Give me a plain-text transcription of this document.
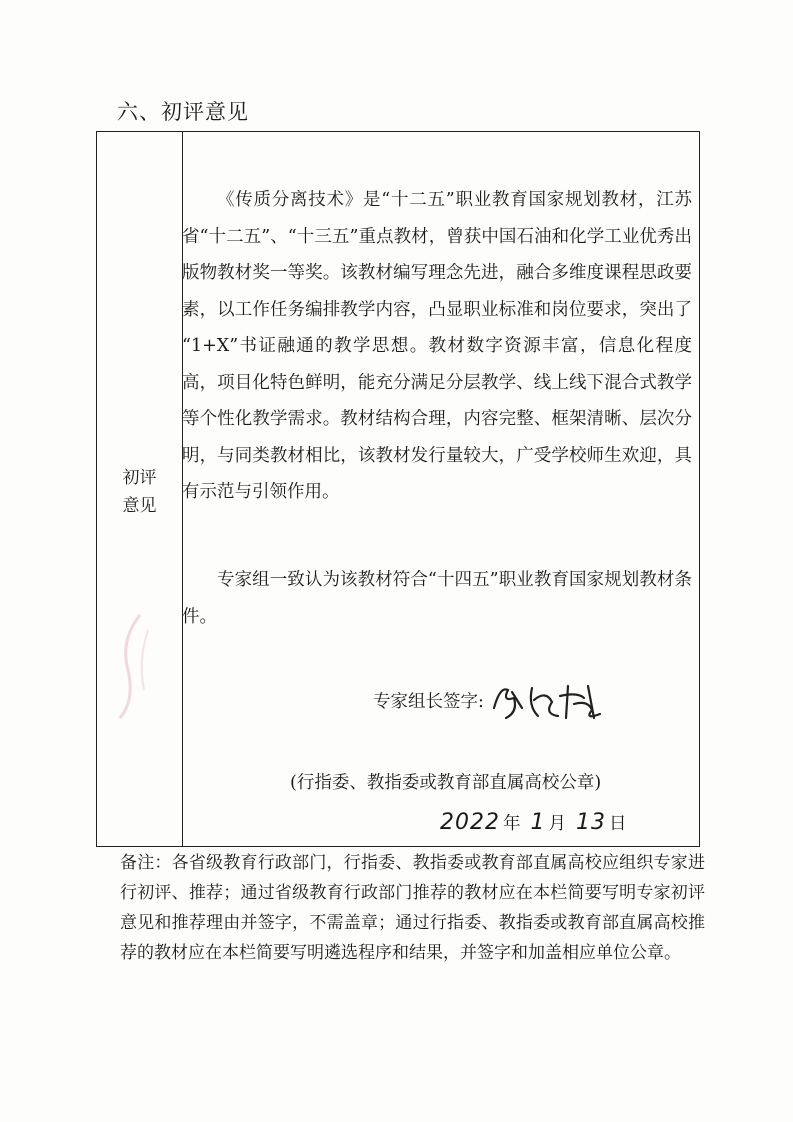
六、初评意见
初评
意见
《传质分离技术》是“十二五”职业教育国家规划教材，江苏省“十二五”、“十三五”重点教材，曾获中国石油和化学工业优秀出版物教材奖一等奖。该教材编写理念先进，融合多维度课程思政要素，以工作任务编排教学内容，凸显职业标准和岗位要求，突出了 “1+X”书证融通的教学思想。教材数字资源丰富，信息化程度高，项目化特色鲜明，能充分满足分层教学、线上线下混合式教学等个性化教学需求。教材结构合理，内容完整、框架清晰、层次分明，与同类教材相比，该教材发行量较大，广受学校师生欢迎，具有示范与引领作用。
专家组一致认为该教材符合“十四五”职业教育国家规划教材条件。
专家组长签字:
(行指委、教指委或教育部直属高校公章)
2022 年 1 月 13 日
备注：各省级教育行政部门，行指委、教指委或教育部直属高校应组织专家进行初评、推荐；通过省级教育行政部门推荐的教材应在本栏简要写明专家初评意见和推荐理由并签字，不需盖章；通过行指委、教指委或教育部直属高校推荐的教材应在本栏简要写明遴选程序和结果，并签字和加盖相应单位公章。
